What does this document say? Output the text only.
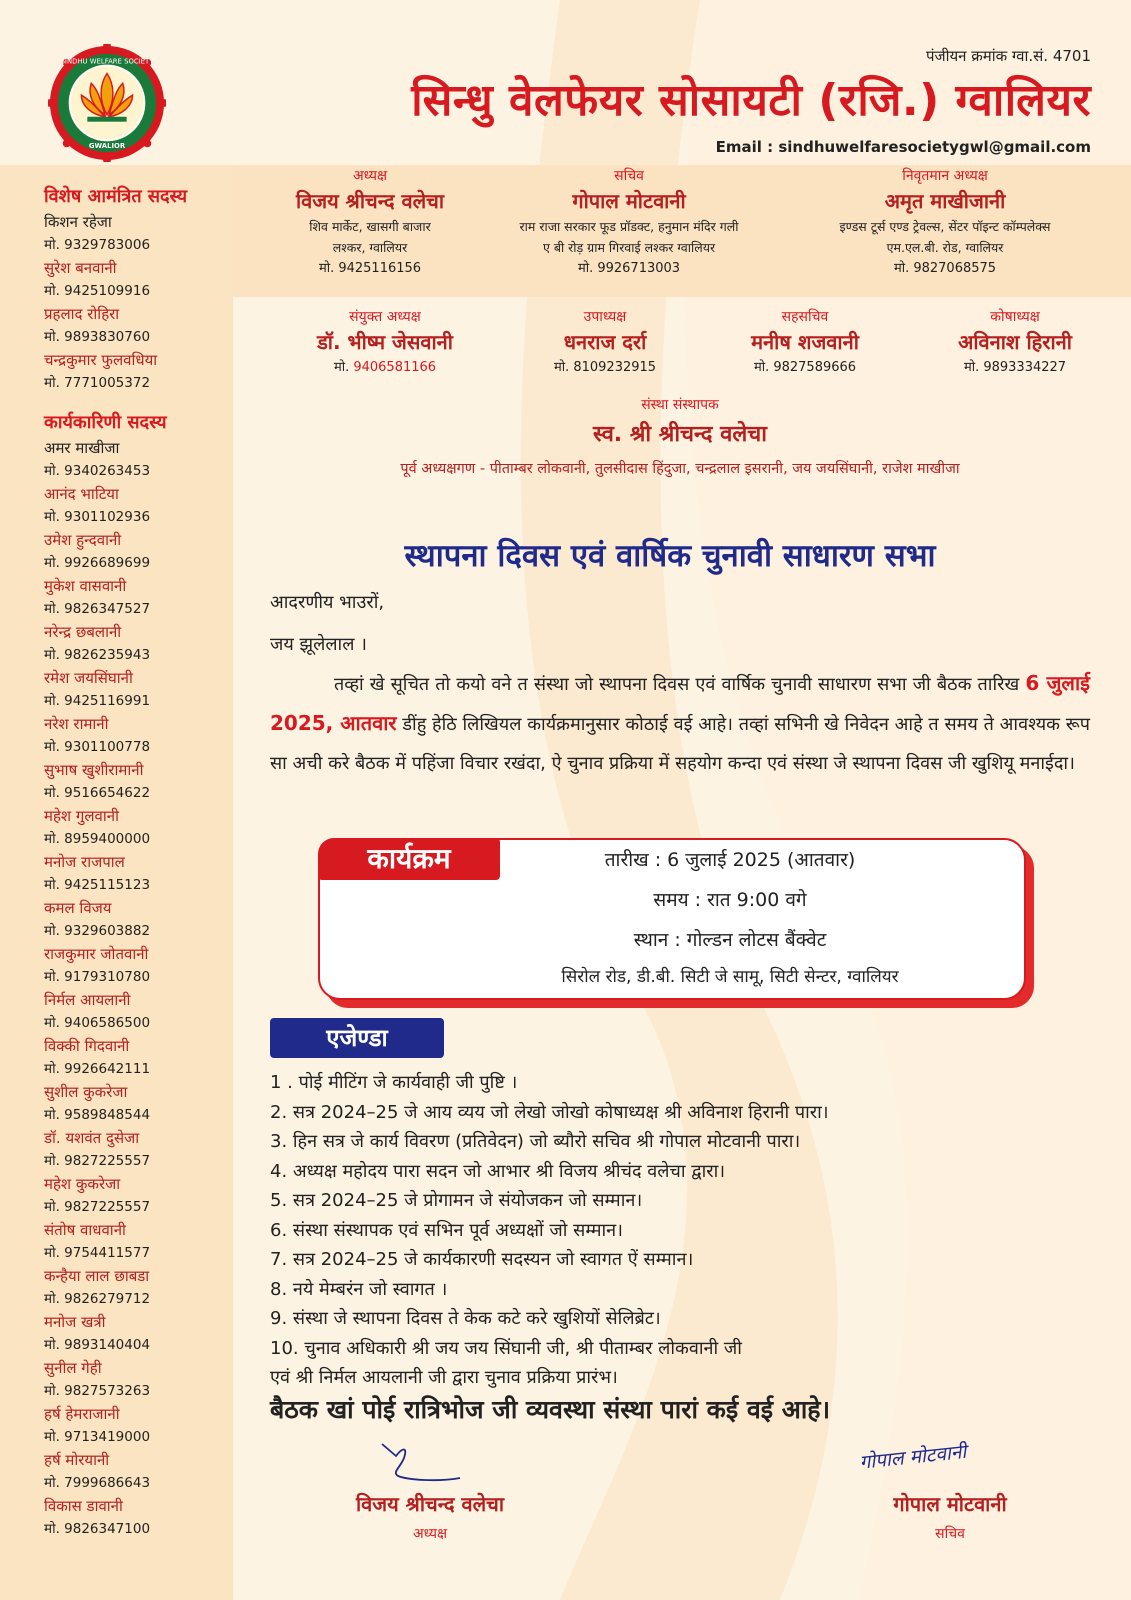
SINDHU WELFARE SOCIETY
GWALIOR
पंजीयन क्रमांक ग्वा.सं. 4701
सिन्धु वेलफेयर सोसायटी (रजि.) ग्वालियर
Email : sindhuwelfaresocietygwl@gmail.com
विशेष आमंत्रित सदस्य
किशन रहेजा
मो. 9329783006
सुरेश बनवानी
मो. 9425109916
प्रहलाद रोहिरा
मो. 9893830760
चन्द्रकुमार फुलवधिया
मो. 7771005372
कार्यकारिणी सदस्य
अमर माखीजा
मो. 9340263453
आनंद भाटिया
मो. 9301102936
उमेश हुन्दवानी
मो. 9926689699
मुकेश वासवानी
मो. 9826347527
नरेन्द्र छबलानी
मो. 9826235943
रमेश जयसिंघानी
मो. 9425116991
नरेश रामानी
मो. 9301100778
सुभाष खुशीरामानी
मो. 9516654622
महेश गुलवानी
मो. 8959400000
मनोज राजपाल
मो. 9425115123
कमल विजय
मो. 9329603882
राजकुमार जोतवानी
मो. 9179310780
निर्मल आयलानी
मो. 9406586500
विक्की गिदवानी
मो. 9926642111
सुशील कुकरेजा
मो. 9589848544
डॉ. यशवंत दुसेजा
मो. 9827225557
महेश कुकरेजा
मो. 9827225557
संतोष वाधवानी
मो. 9754411577
कन्हैया लाल छाबडा
मो. 9826279712
मनोज खत्री
मो. 9893140404
सुनील गेही
मो. 9827573263
हर्ष हेमराजानी
मो. 9713419000
हर्ष मोरयानी
मो. 7999686643
विकास डावानी
मो. 9826347100
अध्यक्ष
विजय श्रीचन्द वलेचा
शिव मार्केट, खासगी बाजार
लश्कर, ग्वालियर
मो. 9425116156
सचिव
गोपाल मोटवानी
राम राजा सरकार फूड प्रॉडक्ट, हनुमान मंदिर गली
ए बी रोड़ ग्राम गिरवाई लश्कर ग्वालियर
मो. 9926713003
निवृतमान अध्यक्ष
अमृत माखीजानी
इण्डस टूर्स एण्ड ट्रेवल्स, सेंटर पॉइन्ट कॉम्पलेक्स
एम.एल.बी. रोड, ग्वालियर
मो. 9827068575
संयुक्त अध्यक्ष
डॉ. भीष्म जेसवानी
मो. 9406581166
उपाध्यक्ष
धनराज दर्रा
मो. 8109232915
सहसचिव
मनीष शजवानी
मो. 9827589666
कोषाध्यक्ष
अविनाश हिरानी
मो. 9893334227
संस्था संस्थापक
स्व. श्री श्रीचन्द वलेचा
पूर्व अध्यक्षगण - पीताम्बर लोकवानी, तुलसीदास हिंदुजा, चन्द्रलाल इसरानी, जय जयसिंघानी, राजेश माखीजा
स्थापना दिवस एवं वार्षिक चुनावी साधारण सभा
आदरणीय भाउरों,
जय झूलेलाल ।
तव्हां खे सूचित तो कयो वने त संस्था जो स्थापना दिवस एवं वार्षिक चुनावी साधारण सभा जी बैठक तारिख 6 जुलाई 2025, आतवार डींहु हेठि लिखियल कार्यक्रमानुसार कोठाई वई आहे। तव्हां सभिनी खे निवेदन आहे त समय ते आवश्यक रूप सा अची करे बैठक में पहिंजा विचार रखंदा, ऐ चुनाव प्रक्रिया में सहयोग कन्दा एवं संस्था जे स्थापना दिवस जी खुशियू मनाईदा।
कार्यक्रम	तारीख : 6 जुलाई 2025 (आतवार)
समय : रात 9:00 वगे
स्थान : गोल्डन लोटस बैंक्वेट
सिरोल रोड, डी.बी. सिटी जे सामू, सिटी सेन्टर, ग्वालियर
एजेण्डा
1 . पोई मीटिंग जे कार्यवाही जी पुष्टि ।
2. सत्र 2024–25 जे आय व्यय जो लेखो जोखो कोषाध्यक्ष श्री अविनाश हिरानी पारा।
3. हिन सत्र जे कार्य विवरण (प्रतिवेदन) जो ब्यौरो सचिव श्री गोपाल मोटवानी पारा।
4. अध्यक्ष महोदय पारा सदन जो आभार श्री विजय श्रीचंद वलेचा द्वारा।
5. सत्र 2024–25 जे प्रोगामन जे संयोजकन जो सम्मान।
6. संस्था संस्थापक एवं सभिन पूर्व अध्यक्षों जो सम्मान।
7. सत्र 2024–25 जे कार्यकारणी सदस्यन जो स्वागत ऐं सम्मान।
8. नये मेम्बरंन जो स्वागत ।
9. संस्था जे स्थापना दिवस ते केक कटे करे खुशियों सेलिब्रेट।
10. चुनाव अधिकारी श्री जय जय सिंघानी जी, श्री पीताम्बर लोकवानी जी
एवं श्री निर्मल आयलानी जी द्वारा चुनाव प्रक्रिया प्रारंभ।
बैठक खां पोई रात्रिभोज जी व्यवस्था संस्था पारां कई वई आहे।
विजय श्रीचन्द वलेचा
अध्यक्ष
गोपाल मोटवानी
गोपाल मोटवानी
सचिव
